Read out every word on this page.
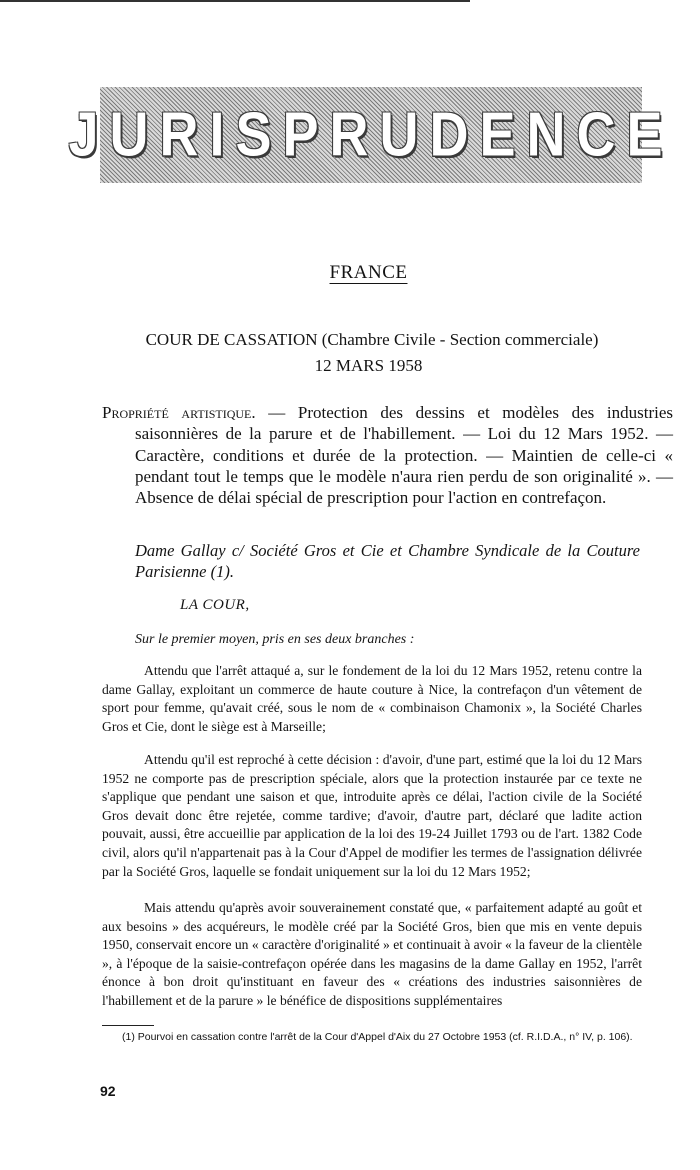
JURISPRUDENCE
FRANCE
COUR DE CASSATION (Chambre Civile - Section commerciale)
12 MARS 1958
Propriété artistique. — Protection des dessins et modèles des industries saisonnières de la parure et de l'habillement. — Loi du 12 Mars 1952. — Caractère, conditions et durée de la protection. — Maintien de celle-ci « pendant tout le temps que le modèle n'aura rien perdu de son originalité ». — Absence de délai spécial de prescription pour l'action en contrefaçon.
Dame Gallay c/ Société Gros et Cie et Chambre Syndicale de la Couture Parisienne (1).
LA COUR,
Sur le premier moyen, pris en ses deux branches :
Attendu que l'arrêt attaqué a, sur le fondement de la loi du 12 Mars 1952, retenu contre la dame Gallay, exploitant un commerce de haute couture à Nice, la contrefaçon d'un vêtement de sport pour femme, qu'avait créé, sous le nom de « combinaison Chamonix », la Société Charles Gros et Cie, dont le siège est à Marseille;
Attendu qu'il est reproché à cette décision : d'avoir, d'une part, estimé que la loi du 12 Mars 1952 ne comporte pas de prescription spéciale, alors que la protection instaurée par ce texte ne s'applique que pendant une saison et que, introduite après ce délai, l'action civile de la Société Gros devait donc être rejetée, comme tardive; d'avoir, d'autre part, déclaré que ladite action pouvait, aussi, être accueillie par application de la loi des 19-24 Juillet 1793 ou de l'art. 1382 Code civil, alors qu'il n'appartenait pas à la Cour d'Appel de modifier les termes de l'assignation délivrée par la Société Gros, laquelle se fondait uniquement sur la loi du 12 Mars 1952;
Mais attendu qu'après avoir souverainement constaté que, « parfaitement adapté au goût et aux besoins » des acquéreurs, le modèle créé par la Société Gros, bien que mis en vente depuis 1950, conservait encore un « caractère d'originalité » et continuait à avoir « la faveur de la clientèle », à l'époque de la saisie-contrefaçon opérée dans les magasins de la dame Gallay en 1952, l'arrêt énonce à bon droit qu'instituant en faveur des « créations des industries saisonnières de l'habillement et de la parure » le bénéfice de dispositions supplémentaires
(1) Pourvoi en cassation contre l'arrêt de la Cour d'Appel d'Aix du 27 Octobre 1953 (cf. R.I.D.A., n° IV, p. 106).
92
